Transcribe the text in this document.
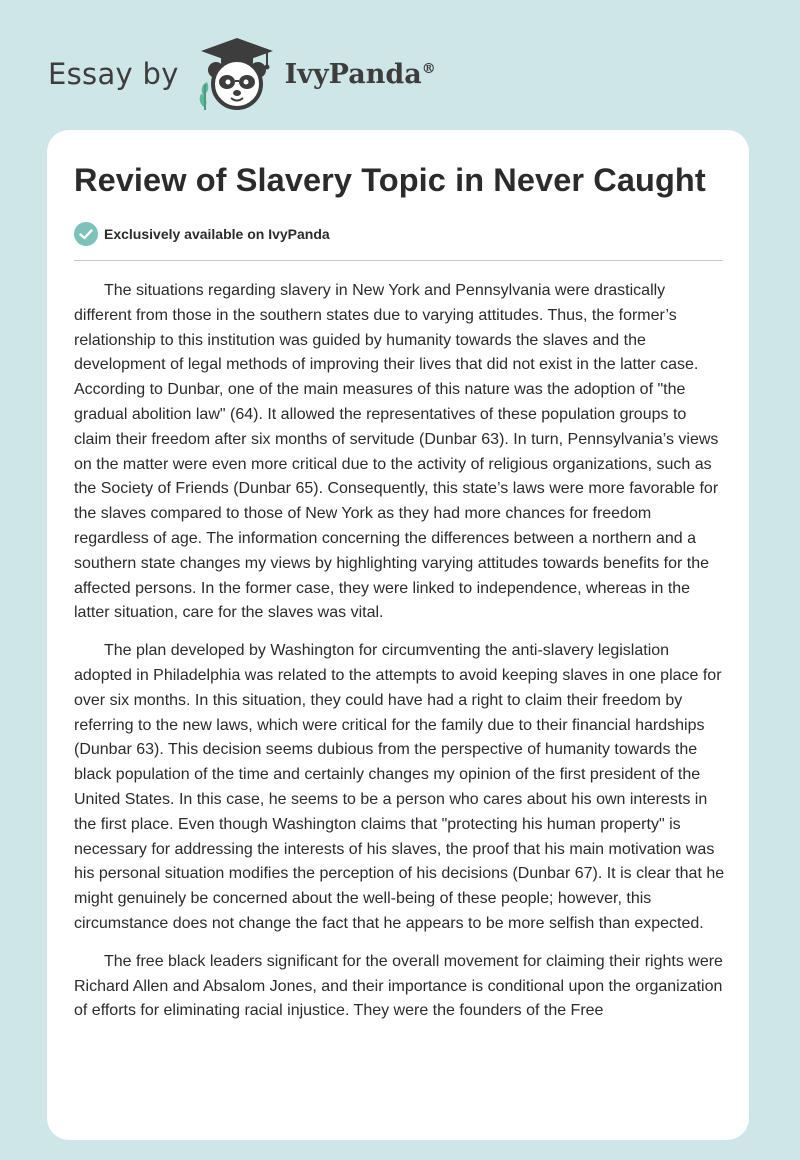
Essay by	IvyPanda®
Review of Slavery Topic in Never Caught
Exclusively available on IvyPanda

The situations regarding slavery in New York and Pennsylvania were drastically different from those in the southern states due to varying attitudes. Thus, the former’s relationship to this institution was guided by humanity towards the slaves and the development of legal methods of improving their lives that did not exist in the latter case. According to Dunbar, one of the main measures of this nature was the adoption of "the gradual abolition law" (64). It allowed the representatives of these population groups to claim their freedom after six months of servitude (Dunbar 63). In turn, Pennsylvania’s views on the matter were even more critical due to the activity of religious organizations, such as the Society of Friends (Dunbar 65). Consequently, this state’s laws were more favorable for the slaves compared to those of New York as they had more chances for freedom regardless of age. The information concerning the differences between a northern and a southern state changes my views by highlighting varying attitudes towards benefits for the affected persons. In the former case, they were linked to independence, whereas in the latter situation, care for the slaves was vital.

The plan developed by Washington for circumventing the anti-slavery legislation adopted in Philadelphia was related to the attempts to avoid keeping slaves in one place for over six months. In this situation, they could have had a right to claim their freedom by referring to the new laws, which were critical for the family due to their financial hardships (Dunbar 63). This decision seems dubious from the perspective of humanity towards the black population of the time and certainly changes my opinion of the first president of the United States. In this case, he seems to be a person who cares about his own interests in the first place. Even though Washington claims that "protecting his human property" is necessary for addressing the interests of his slaves, the proof that his main motivation was his personal situation modifies the perception of his decisions (Dunbar 67). It is clear that he might genuinely be concerned about the well-being of these people; however, this circumstance does not change the fact that he appears to be more selfish than expected.

The free black leaders significant for the overall movement for claiming their rights were Richard Allen and Absalom Jones, and their importance is conditional upon the organization of efforts for eliminating racial injustice. They were the founders of the Free
